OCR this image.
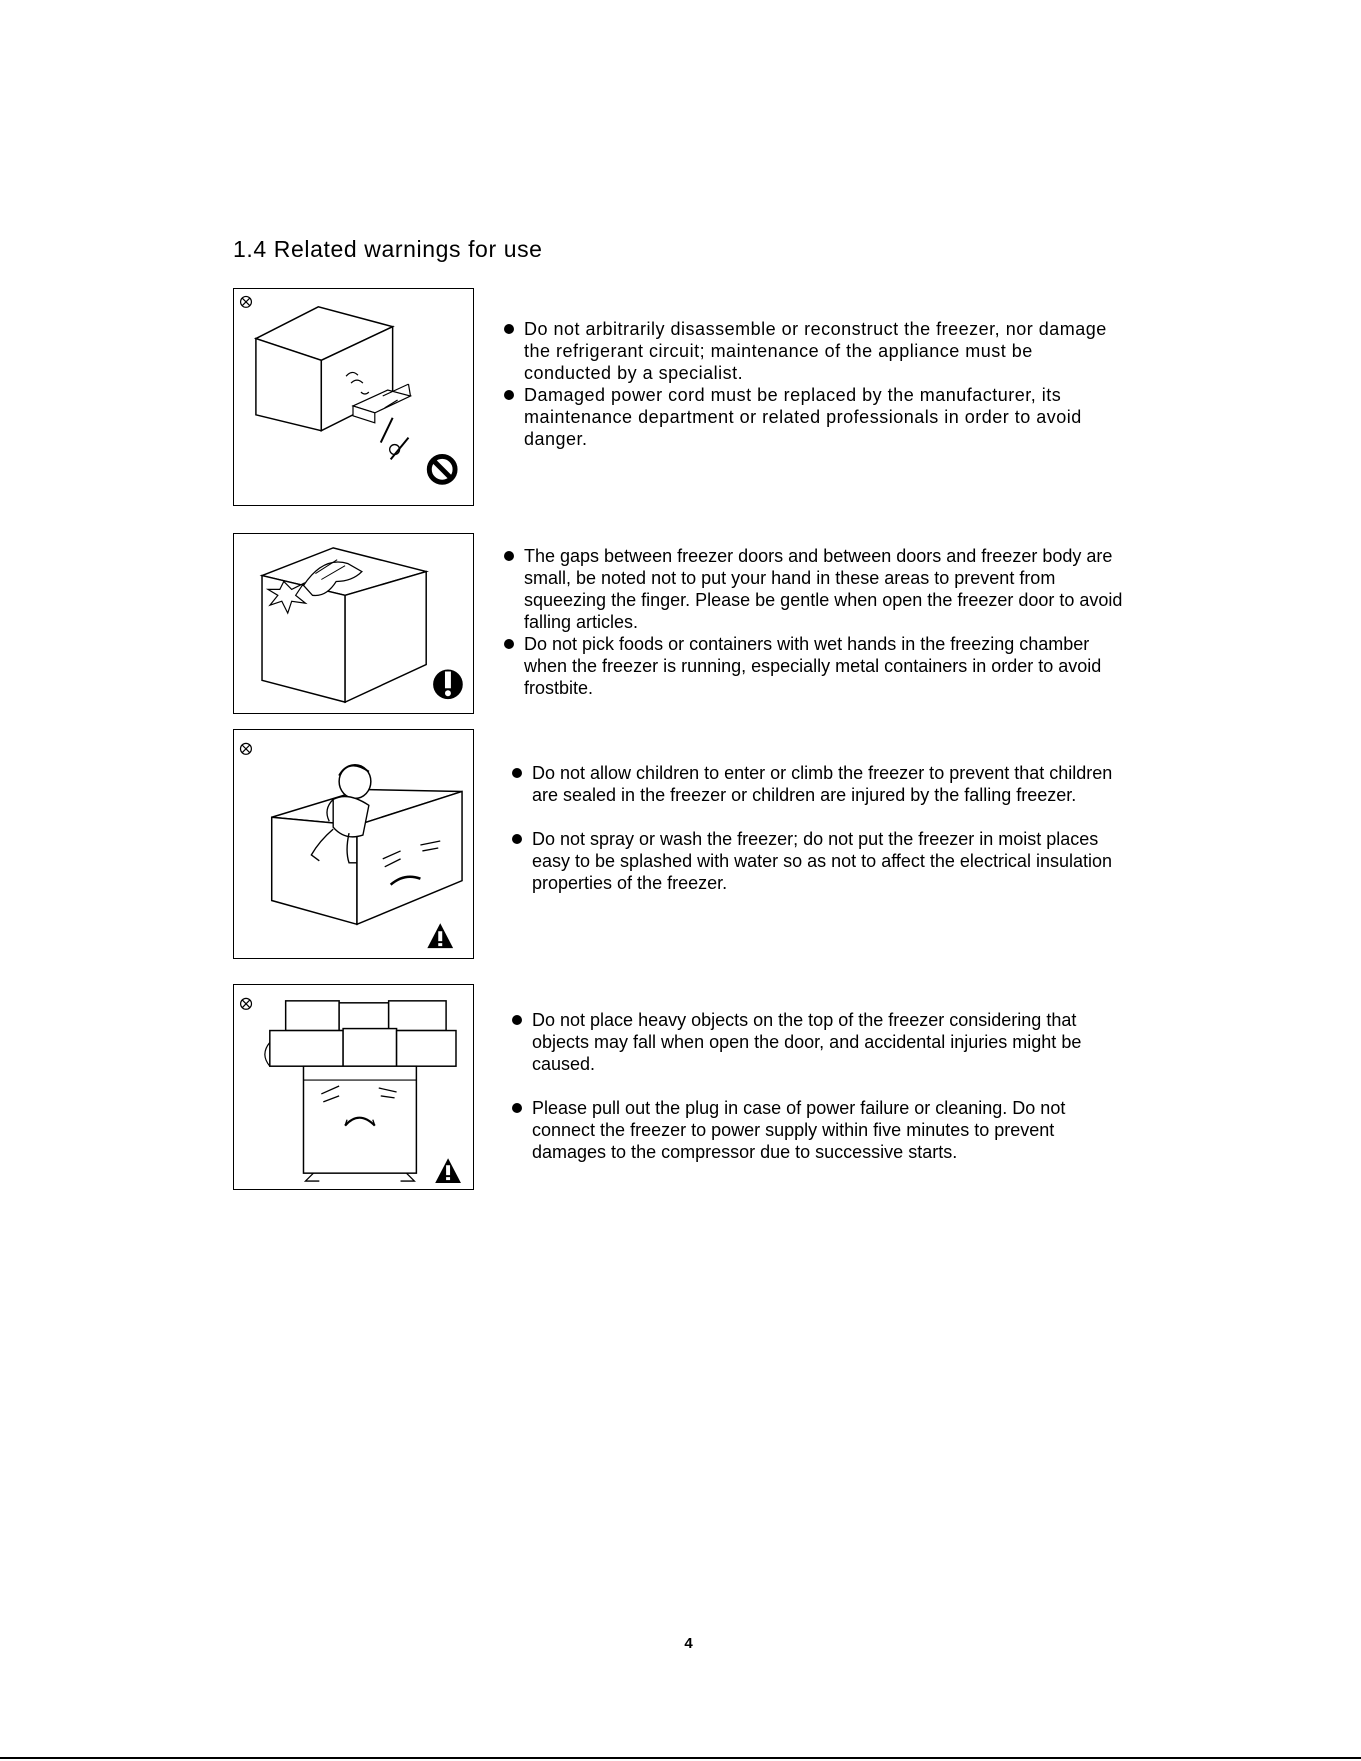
1.4 Related warnings for use
Do not arbitrarily disassemble or reconstruct the freezer, nor damage the refrigerant circuit; maintenance of the appliance must be conducted by a specialist.
Damaged power cord must be replaced by the manufacturer, its maintenance department or related professionals in order to avoid danger.
The gaps between freezer doors and between doors and freezer body are small, be noted not to put your hand in these areas to prevent from squeezing the finger. Please be gentle when open the freezer door to avoid falling articles.
Do not pick foods or containers with wet hands in the freezing chamber when the freezer is running, especially metal containers in order to avoid frostbite.
Do not allow children to enter or climb the freezer to prevent that children are sealed in the freezer or children are injured by the falling freezer.
Do not spray or wash the freezer; do not put the freezer in moist places easy to be splashed with water so as not to affect the electrical insulation properties of the freezer.
Do not place heavy objects on the top of the freezer considering that objects may fall when open the door, and accidental injuries might be caused.
Please pull out the plug in case of power failure or cleaning. Do not connect the freezer to power supply within five minutes to prevent damages to the compressor due to successive starts.
4
